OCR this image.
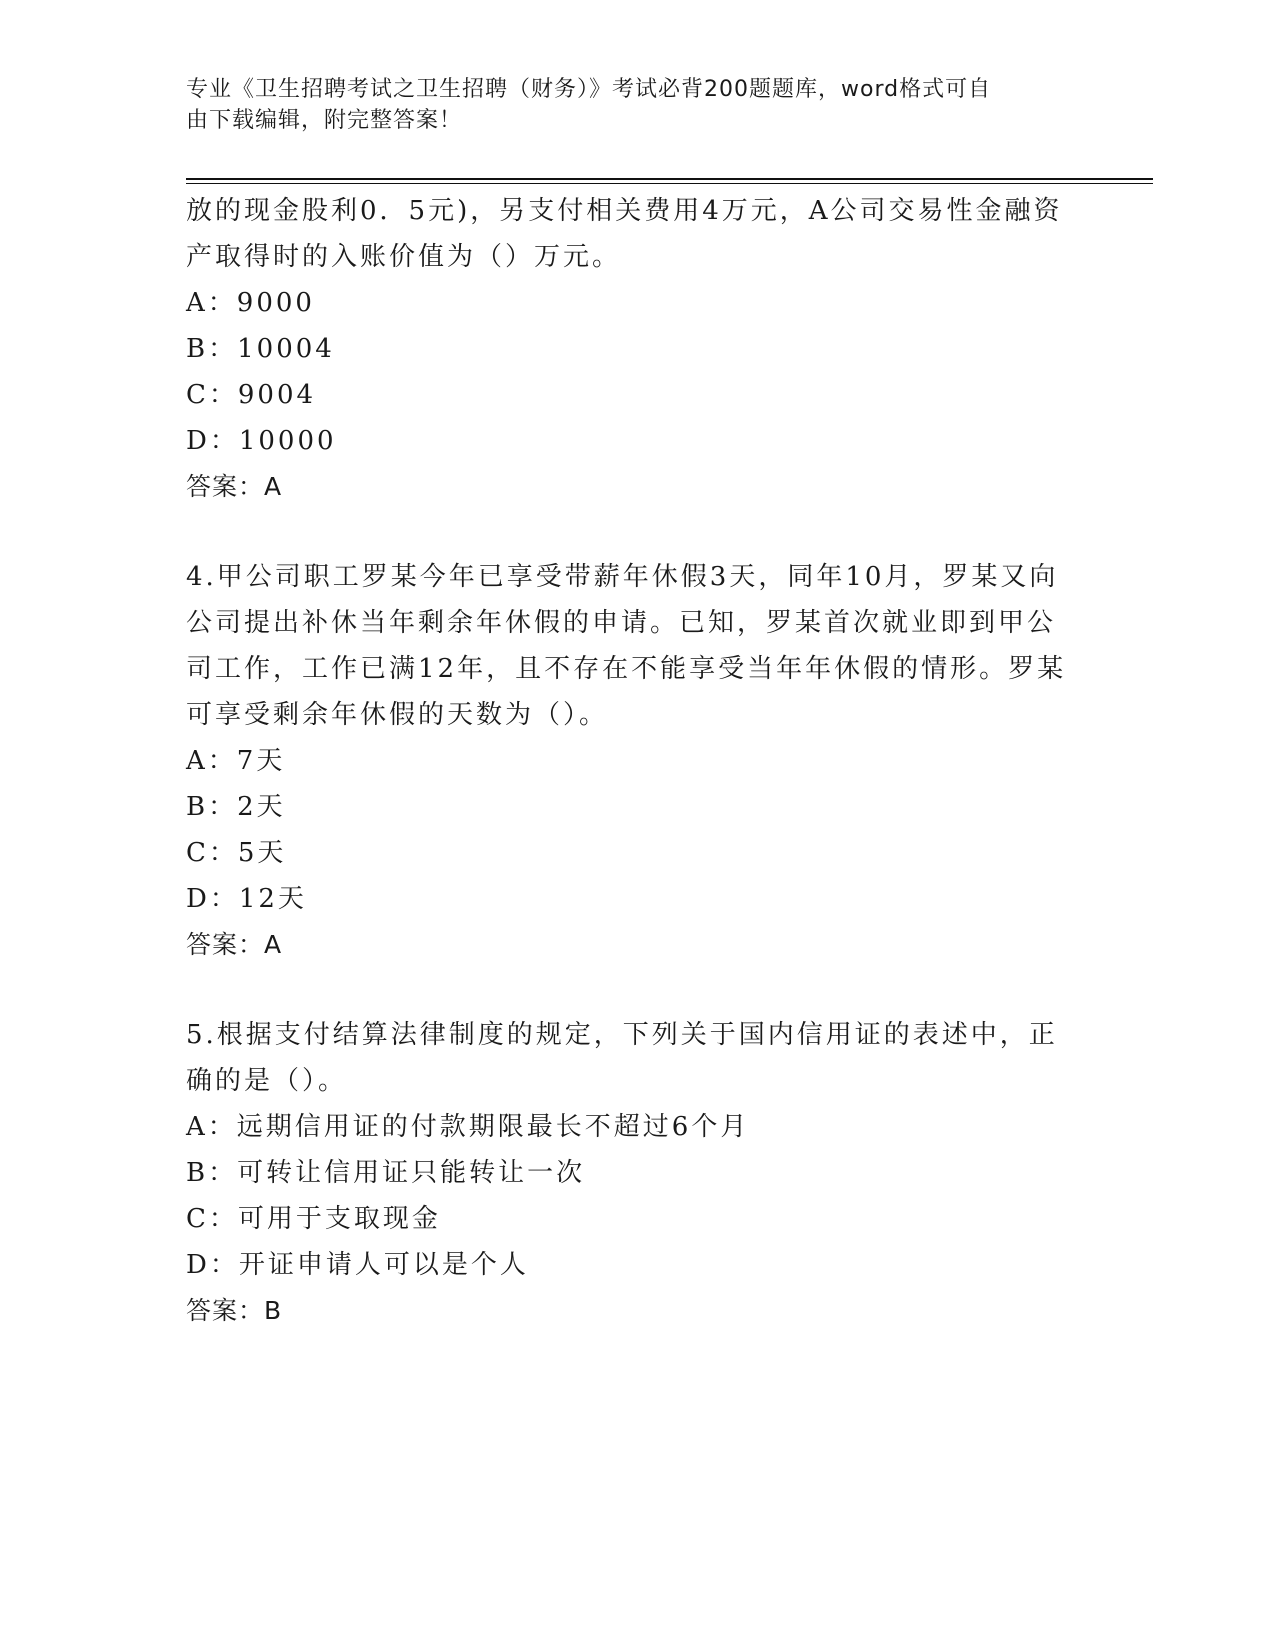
专业《卫生招聘考试之卫生招聘（财务）》考试必背200题题库，word格式可自
由下载编辑，附完整答案！
放的现金股利0．5元)，另支付相关费用4万元，A公司交易性金融资
产取得时的入账价值为（）万元。
A：9000
B：10004
C：9004
D：10000
答案：A
4.甲公司职工罗某今年已享受带薪年休假3天，同年10月，罗某又向
公司提出补休当年剩余年休假的申请。已知，罗某首次就业即到甲公
司工作，工作已满12年，且不存在不能享受当年年休假的情形。罗某
可享受剩余年休假的天数为（）。
A：7天
B：2天
C：5天
D：12天
答案：A
5.根据支付结算法律制度的规定，下列关于国内信用证的表述中，正
确的是（）。
A：远期信用证的付款期限最长不超过6个月
B：可转让信用证只能转让一次
C：可用于支取现金
D：开证申请人可以是个人
答案：B
